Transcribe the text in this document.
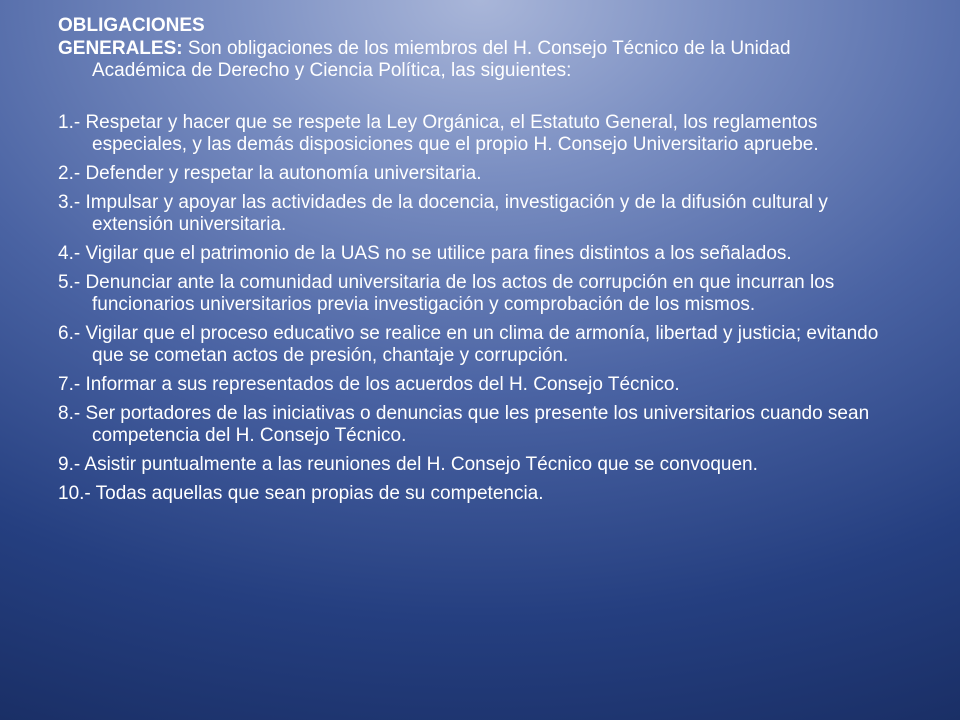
OBLIGACIONES

GENERALES: Son obligaciones de los miembros del H. Consejo Técnico de la Unidad Académica de Derecho y Ciencia Política, las siguientes:

1.- Respetar y hacer que se respete la Ley Orgánica, el Estatuto General, los reglamentos especiales, y las demás disposiciones que el propio H. Consejo Universitario apruebe.

2.- Defender y respetar la autonomía universitaria.

3.- Impulsar y apoyar las actividades de la docencia, investigación y de la difusión cultural y extensión universitaria.

4.- Vigilar que el patrimonio de la UAS no se utilice para fines distintos a los señalados.

5.- Denunciar ante la comunidad universitaria de los actos de corrupción en que incurran los funcionarios universitarios previa investigación y comprobación de los mismos.

6.- Vigilar que el proceso educativo se realice en un clima de armonía, libertad y justicia; evitando que se cometan actos de presión, chantaje y corrupción.

7.- Informar a sus representados de los acuerdos del H. Consejo Técnico.

8.- Ser portadores de las iniciativas o denuncias que les presente los universitarios cuando sean competencia del H. Consejo Técnico.

9.- Asistir puntualmente a las reuniones del H. Consejo Técnico que se convoquen.

10.- Todas aquellas que sean propias de su competencia.
